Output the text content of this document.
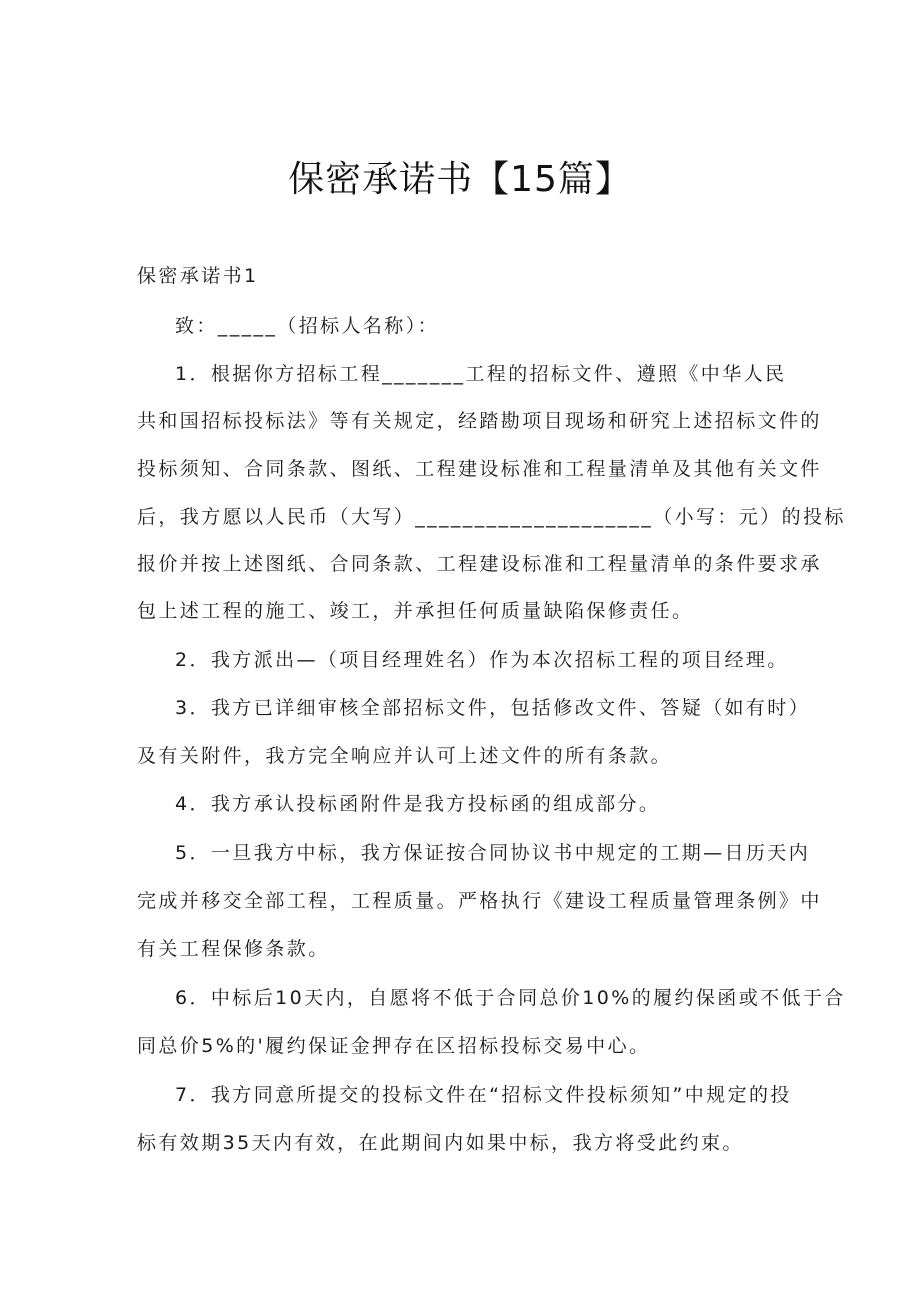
保密承诺书【15篇】
保密承诺书1
致：_____（招标人名称）：
1．根据你方招标工程_______工程的招标文件、遵照《中华人民
共和国招标投标法》等有关规定，经踏勘项目现场和研究上述招标文件的
投标须知、合同条款、图纸、工程建设标准和工程量清单及其他有关文件
后，我方愿以人民币（大写）____________________（小写：元）的投标
报价并按上述图纸、合同条款、工程建设标准和工程量清单的条件要求承
包上述工程的施工、竣工，并承担任何质量缺陷保修责任。
2．我方派出—（项目经理姓名）作为本次招标工程的项目经理。
3．我方已详细审核全部招标文件，包括修改文件、答疑（如有时）
及有关附件，我方完全响应并认可上述文件的所有条款。
4．我方承认投标函附件是我方投标函的组成部分。
5．一旦我方中标，我方保证按合同协议书中规定的工期—日历天内
完成并移交全部工程，工程质量。严格执行《建设工程质量管理条例》中
有关工程保修条款。
6．中标后10天内，自愿将不低于合同总价10%的履约保函或不低于合
同总价5%的'履约保证金押存在区招标投标交易中心。
7．我方同意所提交的投标文件在“招标文件投标须知”中规定的投
标有效期35天内有效，在此期间内如果中标，我方将受此约束。
